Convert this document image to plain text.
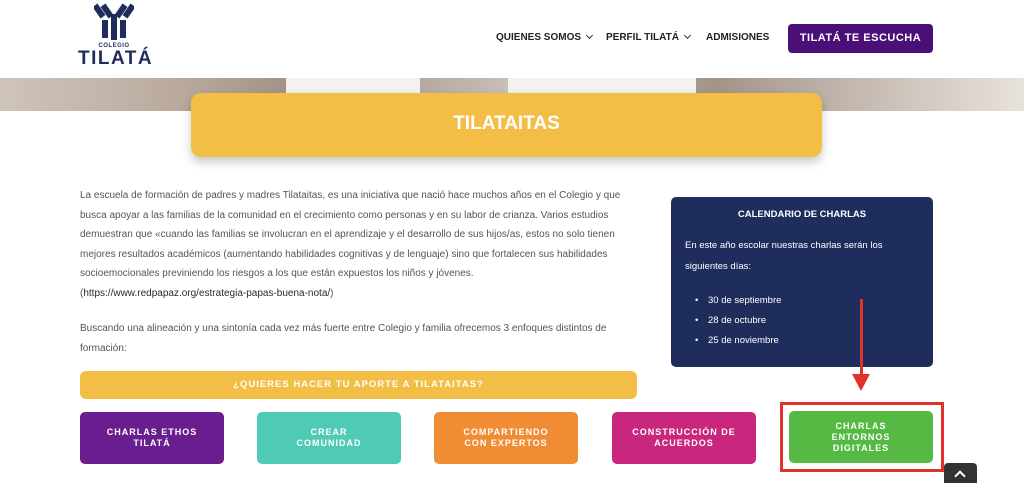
COLEGIO
TILATÁ
QUIENES SOMOS	PERFIL TILATÁ	ADMISIONES	TILATÁ TE ESCUCHA
TILATAITAS
La escuela de formación de padres y madres Tilataitas, es una iniciativa que nació hace muchos años en el Colegio y que busca apoyar a las familias de la comunidad en el crecimiento como personas y en su labor de crianza. Varios estudios demuestran que «cuando las familias se involucran en el aprendizaje y el desarrollo de sus hijos/as, estos no solo tienen mejores resultados académicos (aumentando habilidades cognitivas y de lenguaje) sino que fortalecen sus habilidades socioemocionales previniendo los riesgos a los que están expuestos los niños y jóvenes.
(https://www.redpapaz.org/estrategia-papas-buena-nota/)
Buscando una alineación y una sintonía cada vez más fuerte entre Colegio y familia ofrecemos 3 enfoques distintos de formación:
CALENDARIO DE CHARLAS
En este año escolar nuestras charlas serán los siguientes días:
• 30 de septiembre
• 28 de octubre
• 25 de noviembre
¿QUIERES HACER TU APORTE A TILATAITAS?
CHARLAS ETHOS
TILATÁ
CREAR
COMUNIDAD
COMPARTIENDO
CON EXPERTOS
CONSTRUCCIÓN DE
ACUERDOS
CHARLAS
ENTORNOS
DIGITALES
